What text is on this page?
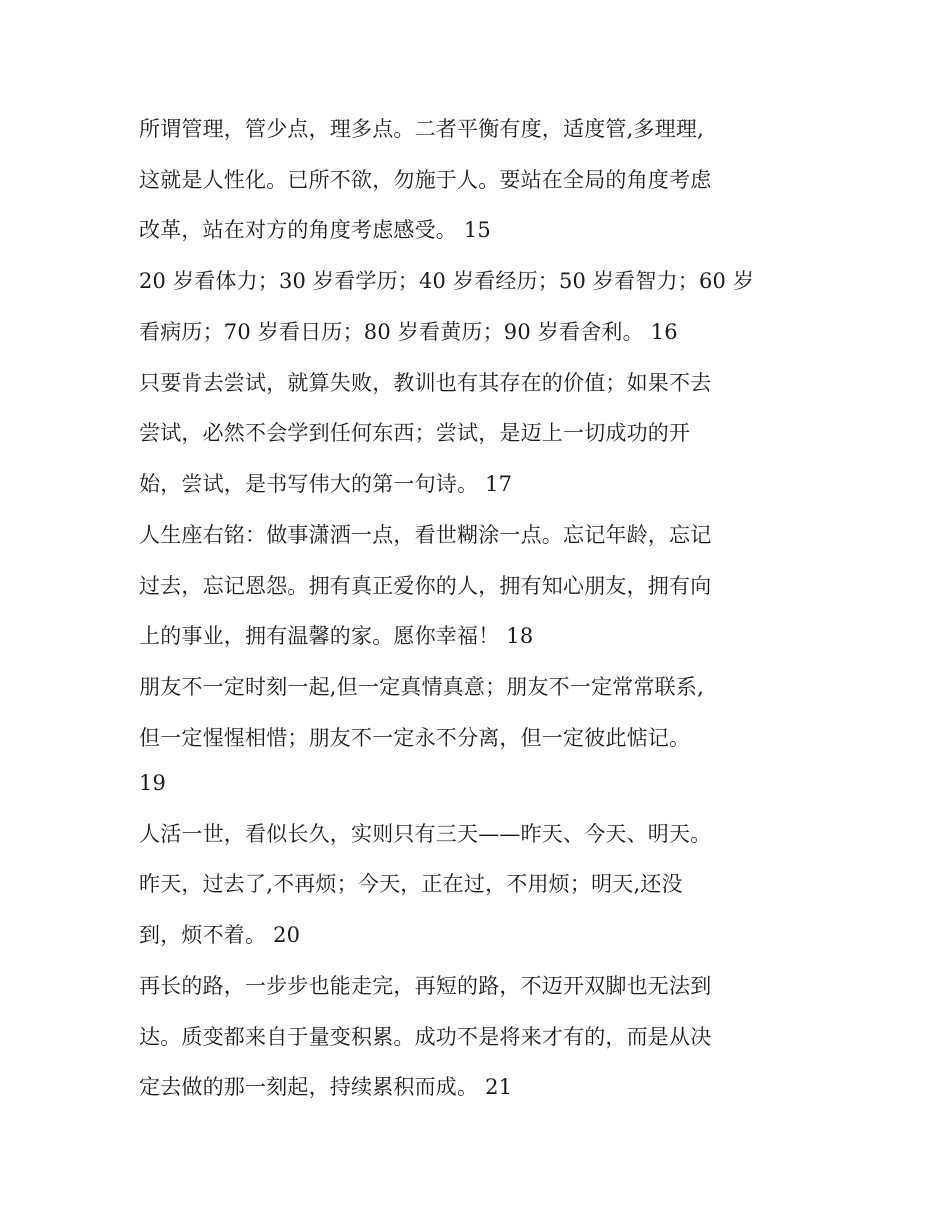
所谓管理，管少点，理多点。二者平衡有度，适度管,多理理,
这就是人性化。已所不欲，勿施于人。要站在全局的角度考虑
改革，站在对方的角度考虑感受。 15
20 岁看体力；30 岁看学历；40 岁看经历；50 岁看智力；60 岁
看病历；70 岁看日历；80 岁看黄历；90 岁看舍利。 16
只要肯去尝试，就算失败，教训也有其存在的价值；如果不去
尝试，必然不会学到任何东西；尝试，是迈上一切成功的开
始，尝试，是书写伟大的第一句诗。 17
人生座右铭：做事潇洒一点，看世糊涂一点。忘记年龄，忘记
过去，忘记恩怨。拥有真正爱你的人，拥有知心朋友，拥有向
上的事业，拥有温馨的家。愿你幸福！ 18
朋友不一定时刻一起,但一定真情真意；朋友不一定常常联系,
但一定惺惺相惜；朋友不一定永不分离，但一定彼此惦记。
19
人活一世，看似长久，实则只有三天——昨天、今天、明天。
昨天，过去了,不再烦；今天，正在过，不用烦；明天,还没
到，烦不着。 20
再长的路，一步步也能走完，再短的路，不迈开双脚也无法到
达。质变都来自于量变积累。成功不是将来才有的，而是从决
定去做的那一刻起，持续累积而成。 21
